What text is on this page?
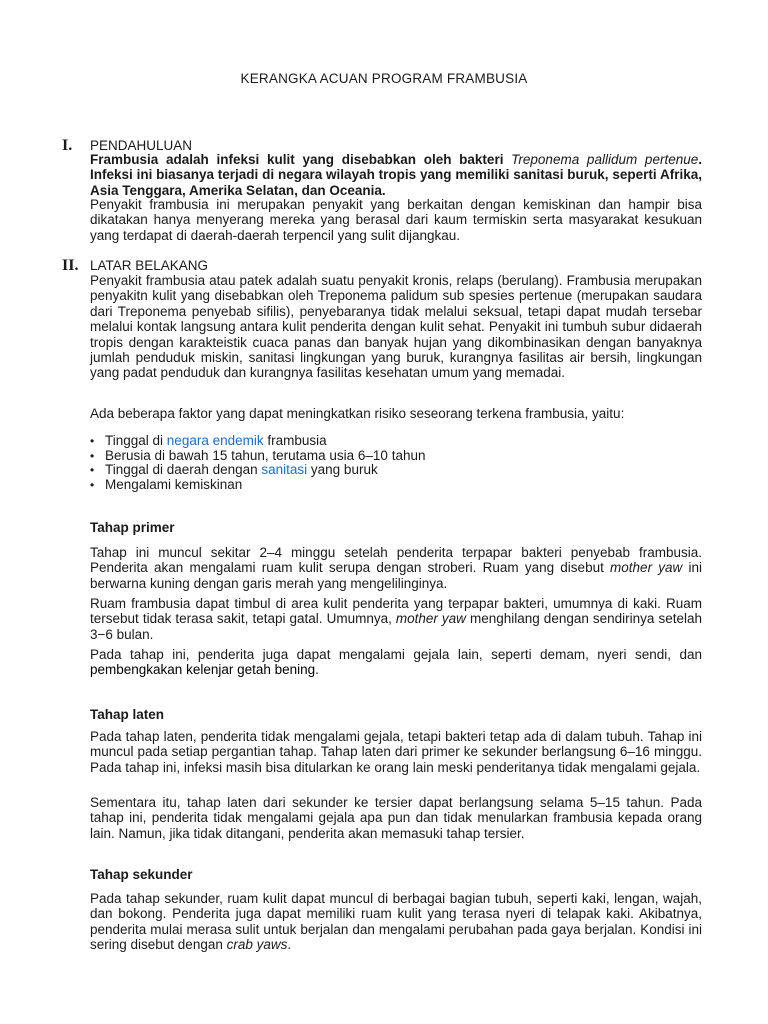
KERANGKA ACUAN PROGRAM FRAMBUSIA
I. PENDAHULUAN
Frambusia adalah infeksi kulit yang disebabkan oleh bakteri Treponema pallidum pertenue. Infeksi ini biasanya terjadi di negara wilayah tropis yang memiliki sanitasi buruk, seperti Afrika, Asia Tenggara, Amerika Selatan, dan Oceania.
Penyakit frambusia ini merupakan penyakit yang berkaitan dengan kemiskinan dan hampir bisa dikatakan hanya menyerang mereka yang berasal dari kaum termiskin serta masyarakat kesukuan yang terdapat di daerah-daerah terpencil yang sulit dijangkau.
II. LATAR BELAKANG
Penyakit frambusia atau patek adalah suatu penyakit kronis, relaps (berulang). Frambusia merupakan penyakitn kulit yang disebabkan oleh Treponema palidum sub spesies pertenue (merupakan saudara dari Treponema penyebab sifilis), penyebaranya tidak melalui seksual, tetapi dapat mudah tersebar melalui kontak langsung antara kulit penderita dengan kulit sehat. Penyakit ini tumbuh subur didaerah tropis dengan karakteistik cuaca panas dan banyak hujan yang dikombinasikan dengan banyaknya jumlah penduduk miskin, sanitasi lingkungan yang buruk, kurangnya fasilitas air bersih, lingkungan yang padat penduduk dan kurangnya fasilitas kesehatan umum yang memadai.
Ada beberapa faktor yang dapat meningkatkan risiko seseorang terkena frambusia, yaitu:
• Tinggal di negara endemik frambusia
• Berusia di bawah 15 tahun, terutama usia 6–10 tahun
• Tinggal di daerah dengan sanitasi yang buruk
• Mengalami kemiskinan
Tahap primer
Tahap ini muncul sekitar 2–4 minggu setelah penderita terpapar bakteri penyebab frambusia. Penderita akan mengalami ruam kulit serupa dengan stroberi. Ruam yang disebut mother yaw ini berwarna kuning dengan garis merah yang mengelilinginya.
Ruam frambusia dapat timbul di area kulit penderita yang terpapar bakteri, umumnya di kaki. Ruam tersebut tidak terasa sakit, tetapi gatal. Umumnya, mother yaw menghilang dengan sendirinya setelah 3−6 bulan.
Pada tahap ini, penderita juga dapat mengalami gejala lain, seperti demam, nyeri sendi, dan pembengkakan kelenjar getah bening.
Tahap laten
Pada tahap laten, penderita tidak mengalami gejala, tetapi bakteri tetap ada di dalam tubuh. Tahap ini muncul pada setiap pergantian tahap. Tahap laten dari primer ke sekunder berlangsung 6–16 minggu. Pada tahap ini, infeksi masih bisa ditularkan ke orang lain meski penderitanya tidak mengalami gejala.
Sementara itu, tahap laten dari sekunder ke tersier dapat berlangsung selama 5–15 tahun. Pada tahap ini, penderita tidak mengalami gejala apa pun dan tidak menularkan frambusia kepada orang lain. Namun, jika tidak ditangani, penderita akan memasuki tahap tersier.
Tahap sekunder
Pada tahap sekunder, ruam kulit dapat muncul di berbagai bagian tubuh, seperti kaki, lengan, wajah, dan bokong. Penderita juga dapat memiliki ruam kulit yang terasa nyeri di telapak kaki. Akibatnya, penderita mulai merasa sulit untuk berjalan dan mengalami perubahan pada gaya berjalan. Kondisi ini sering disebut dengan crab yaws.
